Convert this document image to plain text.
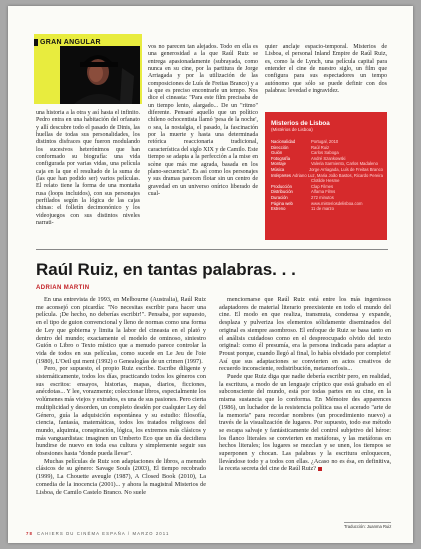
GRAN ANGULAR

una historia a la otra y así hasta el infinito. Pedro entra en una habitación del orfanato y allí descubre todo el pasado de Dinis, las huellas de todas sus personalidades, los distintos disfraces que fueron modulando los sucesivos heterónimos que han conformado su biografía: una vida configurada por varias vidas, una película caja en la que el resultado de la suma de (las que han podido ser) varios películas. El relato tiene la forma de una montaña rusa (loops incluidos), con sus personajes perfilados según la lógica de las cajas chinas: el folletín decimonónico y los videojuegos con sus distintos niveles narrati-

vos no parecen tan alejados. Todo en ella es una generosidad a la que Raúl Ruiz se entrega apasionadamente (subrayada, como nunca en su cine, por la partitura de Jorge Arriagada y por la utilización de las composiciones de Luís de Freitas Branco) y a la que es preciso encontrarle un tempo. Nos dice el cineasta: "Para este film precisaba de un tiempo lento, alargado... De un "ritmo" diferente. Pensaré aquello que un político chileno ochocentista llamó 'pesa de la noche', o sea, la nostalgia, el pasado, la fascinación por la muerte y hasta una determinada retórica reaccionaria tradicional, característica del siglo XIX y de Camilo. Este tiempo se adapta a la perfección a la mise en scène que más me agrada, basada en los plano-secuencia". Es así como los personajes y sus dramas parecen flotar sin un centro de gravedad en un universo onírico liberado de cual-

quier anclaje espacio-temporal. Misterios de Lisboa, el personal Inland Empire de Raúl Ruiz, es, como la de Lynch, una película capital para entender el cine de nuestro siglo, un film que configura para sus espectadores un tempo autónomo que sólo se puede definir con dos palabras: levedad e ingravidez.

Misterios de Lisboa
(Mistérios de Lisboa)
Nacionalidad	Portugal, 2010
Dirección	Raúl Ruiz
Guión	Carlos Saboga
Fotografía	André Szankowski
Montaje	Valeria Sarmiento, Carlos Madaleno
Música	Jorge Arriagada, Luís de Freitas Branco
Intérpretes Adriano Luz, Maria João Bastos, Ricardo Pereira
Clotilde Hesme
Producción	Clap Filmes
Distribución	Alfama Films
Duración	272 minutos
Página web	www.misteriosdelisboa.com
Estreno	11 de marzo
Raúl Ruiz, en tantas palabras. . .
ADRIAN MARTIN

En una entrevista de 1993, en Melbourne (Australia), Raúl Ruiz me aconsejó con picardía: "No necesitas escribir para hacer una película. ¡De hecho, no deberías escribir!". Pensaba, por supuesto, en el tipo de guion convencional y lleno de normas como una forma de Ley que gobierna y limita la labor del cineasta en el plató y dentro del mundo; exactamente el modelo de ominoso, siniestro Guión o Libro o Texto místico que a menudo parece controlar la vida de todos en sus películas, como sucede en Le Jeu de l'oie (1980), L'Oeil qui ment (1992) o Genealogías de un crimen (1997).

Pero, por supuesto, el propio Ruiz escribe. Escribe diligente y sistemáticamente, todos los días, practicando todos los géneros con sus escritos: ensayos, historias, mapas, diarios, ficciones, anécdotas... Y lee, vorazmente; coleccionar libros, especialmente los volúmenes más viejos y extraños, es una de sus pasiones. Pero cierta multiplicidad y desorden, un completo desdén por cualquier Ley del Género, guía la adquisición espontánea y su estudio: filosofía, ciencia, fantasía, matemáticas, todos los tratados religiosos del mundo, alquimia, conspiración, lógica, los extremos más clásicos y más vanguardistas: imaginen un Umberto Eco que un día decidiera hundirse de nuevo en toda esa cultura y simplemente seguir sus obsesiones hasta "donde pueda llevar".

Muchas películas de Ruiz son adaptaciones de libros, a menudo clásicos de su género: Savage Souls (2003), El tiempo recobrado (1999), La Chouette aveugle (1987), A Closed Book (2010), La comedia de la inocencia (2001)... y ahora la magistral Misterios de Lisboa, de Camilo Castelo Branco. No suele

menciornarse que Raúl Ruiz está entre los más ingeniosos adaptadores de material literario preexistente en todo el mundo del cine. El modo en que realiza, transmuta, condensa y expande, desplaza y pulveriza los elementos sólidamente diseminados del original es siempre asombroso. El enfoque de Ruiz se basa tanto en el análisis cuidadoso como en el despreocupado olvido del texto original: como él presumía, era la persona indicada para adaptar a Proust porque, cuando llegó al final, lo había olvidado por completo! Así que sus adaptaciones se convierten en actos creativos de recuerdo inconsciente, redistribución, metamorfosis...

Puede que Ruiz diga que nadie debería escribir pero, en realidad, la escritura, a modo de un lenguaje críptico que está grabado en el subconsciente del mundo, está por todas partes en su cine, en la misma sustancia que lo conforma. En Mémoire des apparences (1986), un luchador de la resistencia política usa el acerado "arte de la memoria" para recordar nombres (un procedimiento nuevo) a través de la visualización de lugares. Por supuesto, todo ese método se escapa salvaje y fantásticamente del control subjetivo del héroe: los flanco literales se convierten en metáforas, y las metáforas en hechos literales; los lugares se mezclan y se unen, los tiempos se superponen y chocan. Las palabras y la escritura enloquecen, llevándose todo y a todos con ellas. ¿Acaso no es ésa, en definitiva, la receta secreta del cine de Raúl Ruiz?

Traducción: Juanma Ruiz
78 CAHIERS DU CINÉMA ESPAÑA / MARZO 2011
